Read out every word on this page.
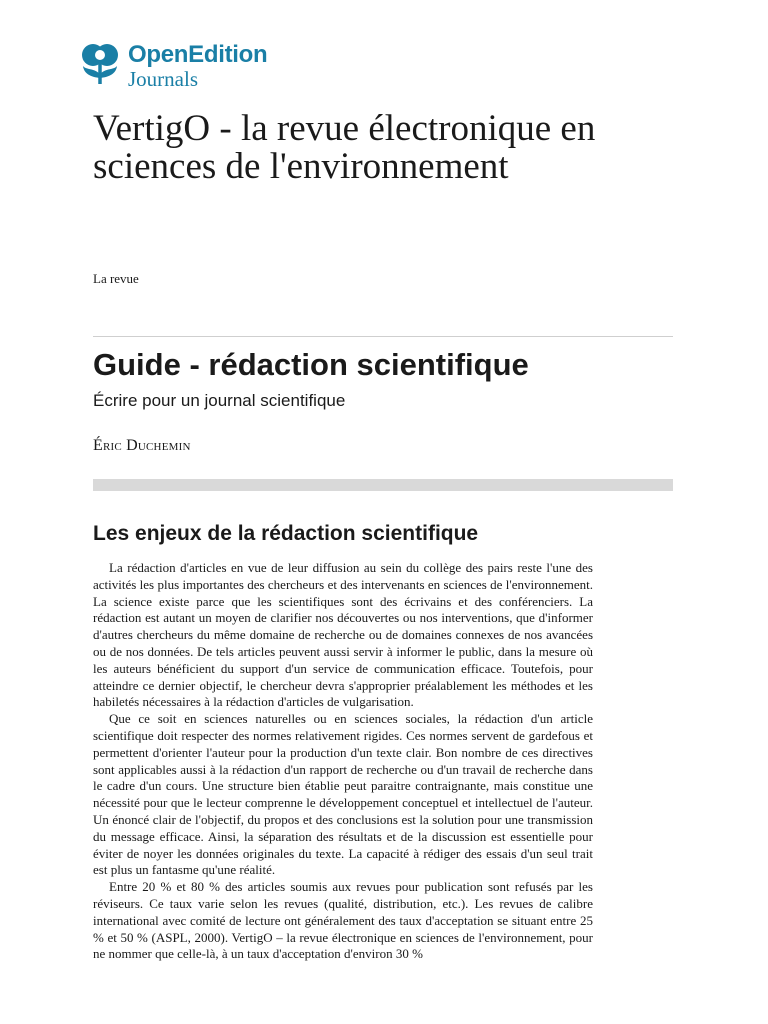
OpenEdition
Journals
VertigO - la revue électronique en sciences de l'environnement
La revue
Guide - rédaction scientifique
Écrire pour un journal scientifique
Éric Duchemin
Les enjeux de la rédaction scientifique

La rédaction d'articles en vue de leur diffusion au sein du collège des pairs reste l'une des activités les plus importantes des chercheurs et des intervenants en sciences de l'environnement. La science existe parce que les scientifiques sont des écrivains et des conférenciers. La rédaction est autant un moyen de clarifier nos découvertes ou nos interventions, que d'informer d'autres chercheurs du même domaine de recherche ou de domaines connexes de nos avancées ou de nos données. De tels articles peuvent aussi servir à informer le public, dans la mesure où les auteurs bénéficient du support d'un service de communication efficace. Toutefois, pour atteindre ce dernier objectif, le chercheur devra s'approprier préalablement les méthodes et les habiletés nécessaires à la rédaction d'articles de vulgarisation.

Que ce soit en sciences naturelles ou en sciences sociales, la rédaction d'un article scientifique doit respecter des normes relativement rigides. Ces normes servent de gardefous et permettent d'orienter l'auteur pour la production d'un texte clair. Bon nombre de ces directives sont applicables aussi à la rédaction d'un rapport de recherche ou d'un travail de recherche dans le cadre d'un cours. Une structure bien établie peut paraitre contraignante, mais constitue une nécessité pour que le lecteur comprenne le développement conceptuel et intellectuel de l'auteur. Un énoncé clair de l'objectif, du propos et des conclusions est la solution pour une transmission du message efficace. Ainsi, la séparation des résultats et de la discussion est essentielle pour éviter de noyer les données originales du texte. La capacité à rédiger des essais d'un seul trait est plus un fantasme qu'une réalité.

Entre 20 % et 80 % des articles soumis aux revues pour publication sont refusés par les réviseurs. Ce taux varie selon les revues (qualité, distribution, etc.). Les revues de calibre international avec comité de lecture ont généralement des taux d'acceptation se situant entre 25 % et 50 % (ASPL, 2000). VertigO – la revue électronique en sciences de l'environnement, pour ne nommer que celle-là, à un taux d'acceptation d'environ 30 %
